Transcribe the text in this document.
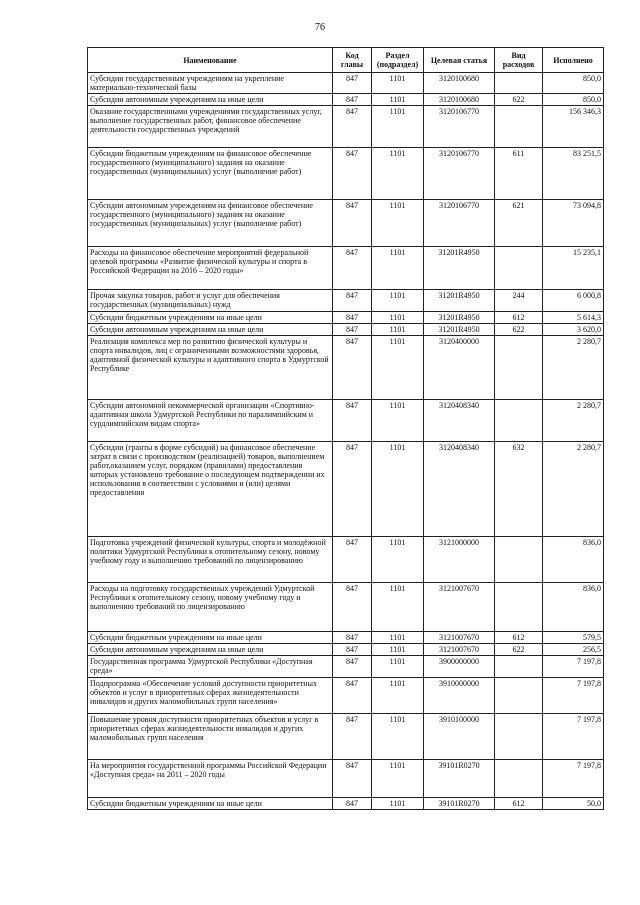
76
Наименование	Код главы	Раздел (подраздел)	Целевая статья	Вид расходов	Исполнено
Субсидии государственным учреждениям на укрепление материально-технической базы	847	1101	3120100680		850,0
Субсидии автономным учреждениям на иные цели	847	1101	3120100680	622	850,0
Оказание государственными учреждениями государственных услуг, выполнение государственных работ, финансовое обеспечение деятельности государственных учреждений	847	1101	3120106770		156 346,3
Субсидии бюджетным учреждениям на финансовое обеспечение государственного (муниципального) задания на оказание государственных (муниципальных) услуг (выполнение работ)	847	1101	3120106770	611	83 251,5
Субсидии автономным учреждениям на финансовое обеспечение государственного (муниципального) задания на оказание государственных (муниципальных) услуг (выполнение работ)	847	1101	3120106770	621	73 094,8
Расходы на финансовое обеспечение мероприятий федеральной целевой программы «Развитие физической культуры и спорта в Российской Федерации на 2016 – 2020 годы»	847	1101	31201R4950		15 235,1
Прочая закупка товаров, работ и услуг для обеспечения государственных (муниципальных) нужд	847	1101	31201R4950	244	6 000,8
Субсидии бюджетным учреждениям на иные цели	847	1101	31201R4950	612	5 614,3
Субсидии автономным учреждениям на иные цели	847	1101	31201R4950	622	3 620,0
Реализация комплекса мер по развитию физической культуры и спорта инвалидов, лиц с ограниченными возможностями здоровья, адаптивной физической культуры и адаптивного спорта в Удмуртской Республике	847	1101	3120400000		2 280,7
Субсидии автономной некоммерческой организации «Спортивно-адаптивная школа Удмуртской Республики по паралимпийским и сурдлимпийским видам спорта»	847	1101	3120408340		2 280,7
Субсидии (гранты в форме субсидий) на финансовое обеспечение затрат в связи с производством (реализацией) товаров, выполнением работ,оказанием услуг, порядком (правилами) предоставления которых установлено требование о последующем подтверждении их использования в соответствии с условиями и (или) целями предоставления	847	1101	3120408340	632	2 280,7
Подготовка учреждений физической культуры, спорта и молодёжной политики Удмуртской Республики к отопительному сезону, новому учебному году и выполнению требований по лицензированию	847	1101	3121000000		836,0
Расходы на подготовку государственных учреждений Удмуртской Республики к отопительному сезону, новому учебному году и выполнению требований по лицензированию	847	1101	3121007670		836,0
Субсидии бюджетным учреждениям на иные цели	847	1101	3121007670	612	579,5
Субсидии автономным учреждениям на иные цели	847	1101	3121007670	622	256,5
Государственная программа Удмуртской Республики «Доступная среда»	847	1101	3900000000		7 197,8
Подпрограмма «Обеспечение условий доступности приоритетных объектов и услуг в приоритетных сферах жизнедеятельности инвалидов и других маломобильных групп населения»	847	1101	3910000000		7 197,8
Повышение уровня доступности приоритетных объектов и услуг в приоритетных сферах жизнедеятельности инвалидов и других маломобильных групп населения	847	1101	3910100000		7 197,8
На мероприятия государственной программы Российской Федерации «Доступная среда» на 2011 – 2020 годы	847	1101	39101R0270		7 197,8
Субсидии бюджетным учреждениям на иные цели	847	1101	39101R0270	612	50,0
